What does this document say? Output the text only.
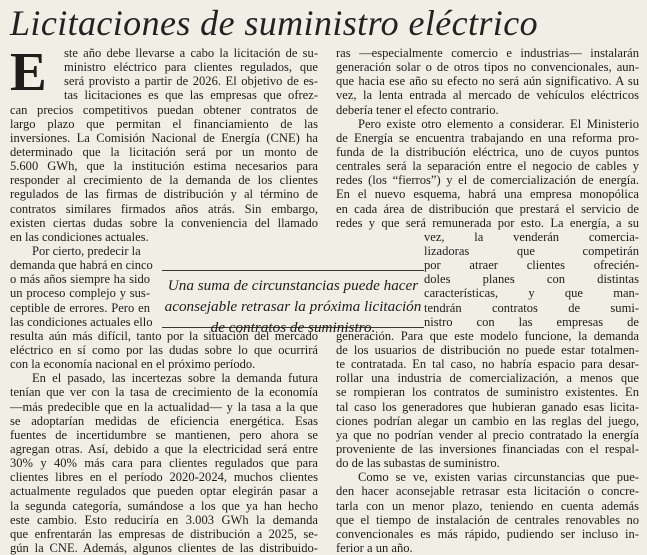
Licitaciones de suministro eléctrico
E	ste año debe llevarse a cabo la licitación de su-
ministro eléctrico para clientes regulados, que
será provisto a partir de 2026. El objetivo de es-
tas licitaciones es que las empresas que ofrez-
can precios competitivos puedan obtener contratos de
largo plazo que permitan el financiamiento de las
inversiones. La Comisión Nacional de Energía (CNE) ha
determinado que la licitación será por un monto de
5.600 GWh, que la institución estima necesarios para
responder al crecimiento de la demanda de los clientes
regulados de las firmas de distribución y al término de
contratos similares firmados años atrás. Sin embargo,
existen ciertas dudas sobre la conveniencia del llamado
en las condiciones actuales.
Por cierto, predecir la
demanda que habrá en cinco
o más años siempre ha sido
un proceso complejo y sus-
ceptible de errores. Pero en
las condiciones actuales ello
resulta aún más difícil, tanto por la situación del mercado
eléctrico en sí como por las dudas sobre lo que ocurrirá
con la economía nacional en el próximo período.
En el pasado, las incertezas sobre la demanda futura
tenían que ver con la tasa de crecimiento de la economía
—más predecible que en la actualidad— y la tasa a la que
se adoptarían medidas de eficiencia energética. Esas
fuentes de incertidumbre se mantienen, pero ahora se
agregan otras. Así, debido a que la electricidad será entre
30% y 40% más cara para clientes regulados que para
clientes libres en el período 2020-2024, muchos clientes
actualmente regulados que pueden optar elegirán pasar a
la segunda categoría, sumándose a los que ya han hecho
este cambio. Esto reduciría en 3.003 GWh la demanda
que enfrentarán las empresas de distribución a 2025, se-
gún la CNE. Además, algunos clientes de las distribuido-
ras —especialmente comercio e industrias— instalarán
generación solar o de otros tipos no convencionales, aun-
que hacia ese año su efecto no será aún significativo. A su
vez, la lenta entrada al mercado de vehículos eléctricos
debería tener el efecto contrario.
Pero existe otro elemento a considerar. El Ministerio
de Energía se encuentra trabajando en una reforma pro-
funda de la distribución eléctrica, uno de cuyos puntos
centrales será la separación entre el negocio de cables y
redes (los “fierros”) y el de comercialización de energía.
En el nuevo esquema, habrá una empresa monopólica
en cada área de distribución que prestará el servicio de
redes y que será remunerada por esto. La energía, a su
vez, la venderán comercia-
lizadoras que competirán
por atraer clientes ofrecién-
doles planes con distintas
características, y que man-
tendrán contratos de sumi-
nistro con las empresas de
generación. Para que este modelo funcione, la demanda
de los usuarios de distribución no puede estar totalmen-
te contratada. En tal caso, no habría espacio para desar-
rollar una industria de comercialización, a menos que
se rompieran los contratos de suministro existentes. En
tal caso los generadores que hubieran ganado esas licita-
ciones podrían alegar un cambio en las reglas del juego,
ya que no podrían vender al precio contratado la energía
proveniente de las inversiones financiadas con el respal-
do de las subastas de suministro.
Como se ve, existen varias circunstancias que pue-
den hacer aconsejable retrasar esta licitación o concre-
tarla con un menor plazo, teniendo en cuenta además
que el tiempo de instalación de centrales renovables no
convencionales es más rápido, pudiendo ser incluso in-
ferior a un año.
Una suma de circunstancias puede hacer
aconsejable retrasar la próxima licitación
de contratos de suministro.
